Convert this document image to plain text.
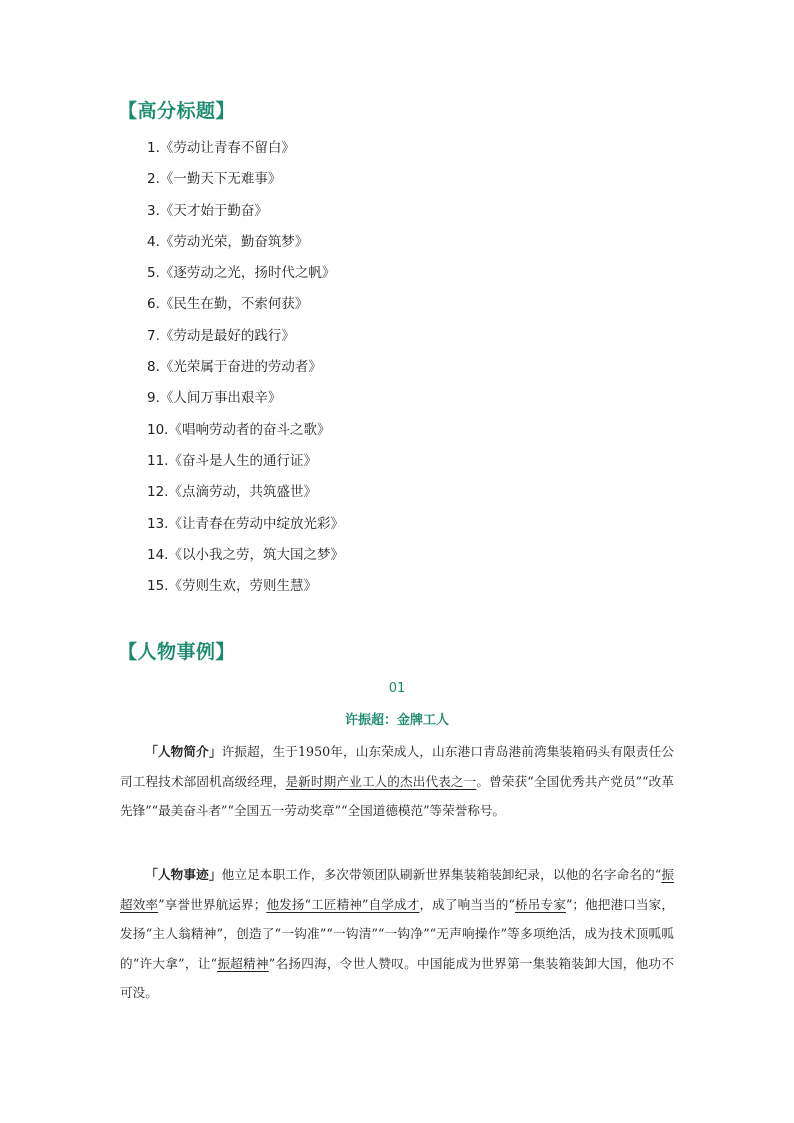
【高分标题】
1.《劳动让青春不留白》
2.《一勤天下无难事》
3.《天才始于勤奋》
4.《劳动光荣，勤奋筑梦》
5.《逐劳动之光，扬时代之帆》
6.《民生在勤，不索何获》
7.《劳动是最好的践行》
8.《光荣属于奋进的劳动者》
9.《人间万事出艰辛》
10.《唱响劳动者的奋斗之歌》
11.《奋斗是人生的通行证》
12.《点滴劳动，共筑盛世》
13.《让青春在劳动中绽放光彩》
14.《以小我之劳，筑大国之梦》
15.《劳则生欢，劳则生慧》
【人物事例】
01
许振超：金牌工人

「人物简介」许振超，生于1950年，山东荣成人，山东港口青岛港前湾集装箱码头有限责任公司工程技术部固机高级经理，是新时期产业工人的杰出代表之一。曾荣获“全国优秀共产党员”“改革先锋”“最美奋斗者”“全国五一劳动奖章”“全国道德模范”等荣誉称号。

「人物事迹」他立足本职工作，多次带领团队刷新世界集装箱装卸纪录，以他的名字命名的“振超效率”享誉世界航运界；他发扬“工匠精神”自学成才，成了响当当的“桥吊专家”；他把港口当家，发扬“主人翁精神”，创造了“一钩准”“一钩清”“一钩净”“无声响操作”等多项绝活，成为技术顶呱呱的“许大拿”，让“振超精神”名扬四海，令世人赞叹。中国能成为世界第一集装箱装卸大国，他功不可没。
